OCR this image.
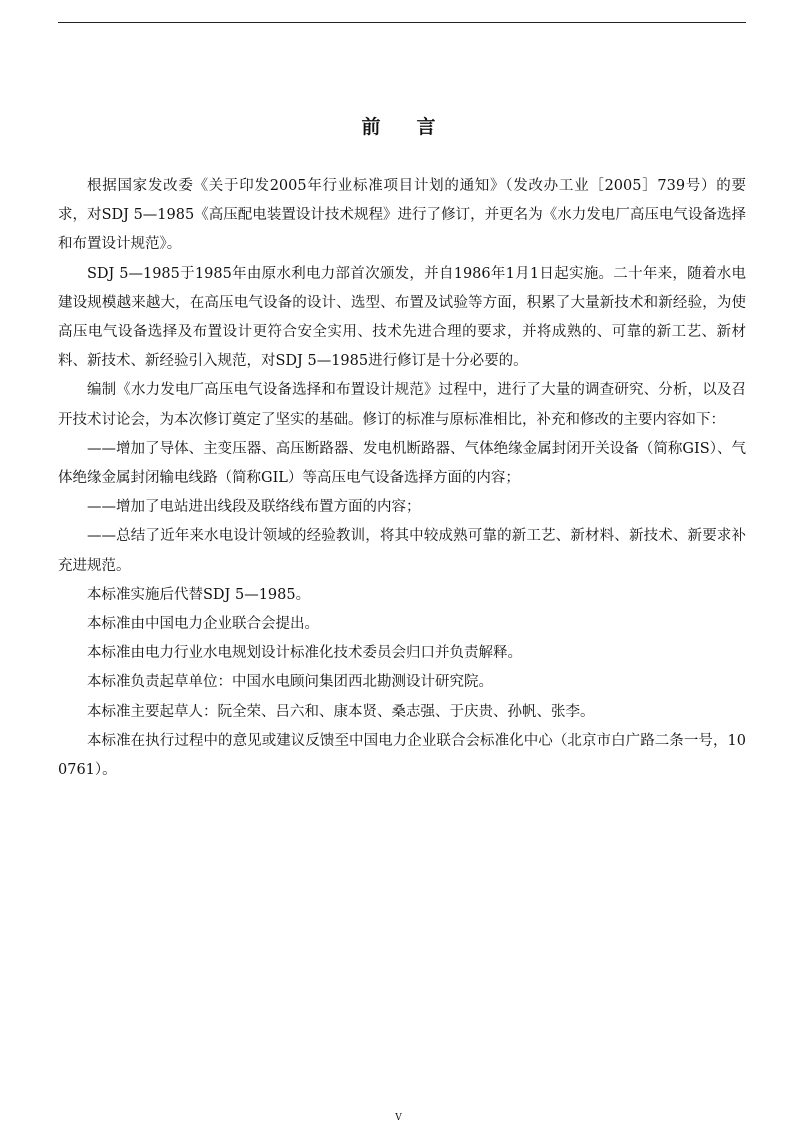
前言

根据国家发改委《关于印发2005年行业标准项目计划的通知》（发改办工业［2005］739号）的要求，对SDJ 5—1985《高压配电装置设计技术规程》进行了修订，并更名为《水力发电厂高压电气设备选择和布置设计规范》。

SDJ 5—1985于1985年由原水利电力部首次颁发，并自1986年1月1日起实施。二十年来，随着水电建设规模越来越大，在高压电气设备的设计、选型、布置及试验等方面，积累了大量新技术和新经验，为使高压电气设备选择及布置设计更符合安全实用、技术先进合理的要求，并将成熟的、可靠的新工艺、新材料、新技术、新经验引入规范，对SDJ 5—1985进行修订是十分必要的。

编制《水力发电厂高压电气设备选择和布置设计规范》过程中，进行了大量的调查研究、分析，以及召开技术讨论会，为本次修订奠定了坚实的基础。修订的标准与原标准相比，补充和修改的主要内容如下：

——增加了导体、主变压器、高压断路器、发电机断路器、气体绝缘金属封闭开关设备（简称GIS）、气体绝缘金属封闭输电线路（简称GIL）等高压电气设备选择方面的内容；

——增加了电站进出线段及联络线布置方面的内容；

——总结了近年来水电设计领域的经验教训，将其中较成熟可靠的新工艺、新材料、新技术、新要求补充进规范。

本标准实施后代替SDJ 5—1985。

本标准由中国电力企业联合会提出。

本标准由电力行业水电规划设计标准化技术委员会归口并负责解释。

本标准负责起草单位：中国水电顾问集团西北勘测设计研究院。

本标准主要起草人：阮全荣、吕六和、康本贤、桑志强、于庆贵、孙帆、张李。

本标准在执行过程中的意见或建议反馈至中国电力企业联合会标准化中心（北京市白广路二条一号，100761）。

V
